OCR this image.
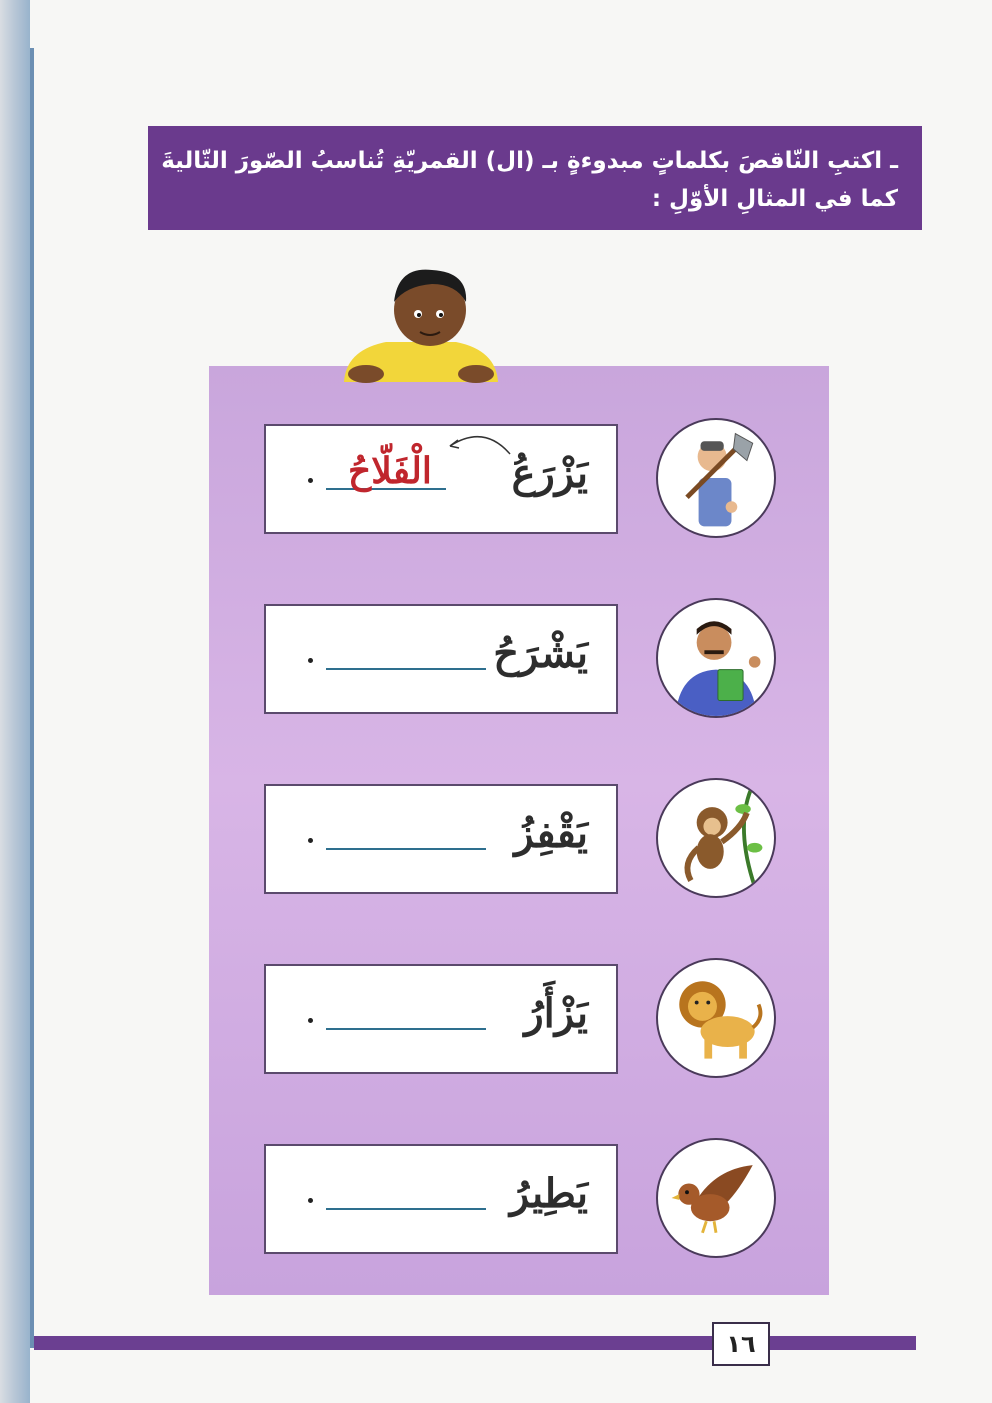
ـ اكتبِ النّاقصَ بكلماتٍ مبدوءةٍ بـ (ال) القمريّةِ تُناسبُ الصّورَ التّاليةَ
كما في المثالِ الأوّلِ :
يَزْرَعُ
الْفَلّاحُ
يَشْرَحُ
يَقْفِزُ
يَزْأَرُ
يَطِيرُ
١٦
